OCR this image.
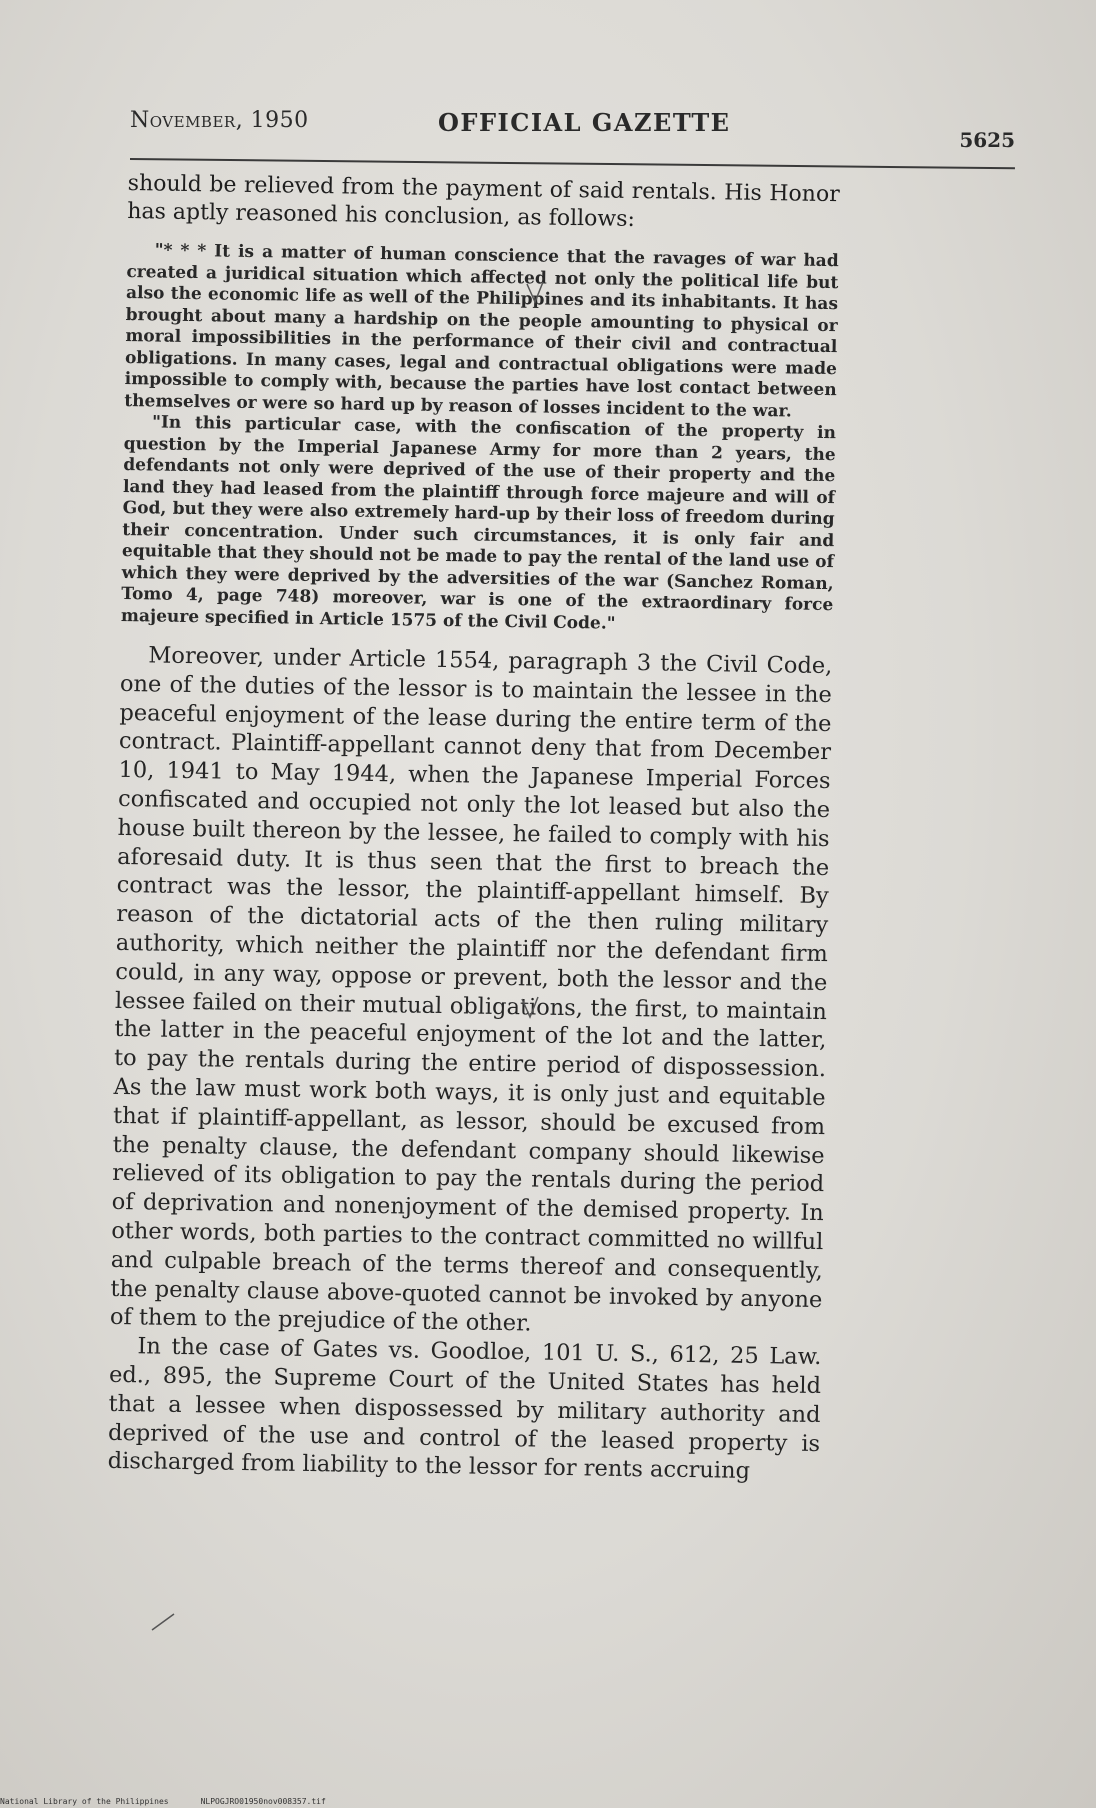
November, 1950	OFFICIAL GAZETTE
5625

should be relieved from the payment of said rentals. His Honor has aptly reasoned his conclusion, as follows:

"* * * It is a matter of human conscience that the ravages of war had created a juridical situation which affected not only the political life but also the economic life as well of the Philippines and its inhabitants. It has brought about many a hardship on the people amounting to physical or moral impossibilities in the performance of their civil and contractual obligations. In many cases, legal and contractual obligations were made impossible to comply with, because the parties have lost contact between themselves or were so hard up by reason of losses incident to the war.

"In this particular case, with the confiscation of the property in question by the Imperial Japanese Army for more than 2 years, the defendants not only were deprived of the use of their property and the land they had leased from the plaintiff through force majeure and will of God, but they were also extremely hard-up by their loss of freedom during their concentration. Under such circumstances, it is only fair and equitable that they should not be made to pay the rental of the land use of which they were deprived by the adversities of the war (Sanchez Roman, Tomo 4, page 748) moreover, war is one of the extraordinary force majeure specified in Article 1575 of the Civil Code."

Moreover, under Article 1554, paragraph 3 the Civil Code, one of the duties of the lessor is to maintain the lessee in the peaceful enjoyment of the lease during the entire term of the contract. Plaintiff-appellant cannot deny that from December 10, 1941 to May 1944, when the Japanese Imperial Forces confiscated and occupied not only the lot leased but also the house built thereon by the lessee, he failed to comply with his aforesaid duty. It is thus seen that the first to breach the contract was the lessor, the plaintiff-appellant himself. By reason of the dictatorial acts of the then ruling military authority, which neither the plaintiff nor the defendant firm could, in any way, oppose or prevent, both the lessor and the lessee failed on their mutual obligations, the first, to maintain the latter in the peaceful enjoyment of the lot and the latter, to pay the rentals during the entire period of dispossession. As the law must work both ways, it is only just and equitable that if plaintiff-appellant, as lessor, should be excused from the penalty clause, the defendant company should likewise relieved of its obligation to pay the rentals during the period of deprivation and nonenjoyment of the demised property. In other words, both parties to the contract committed no willful and culpable breach of the terms thereof and consequently, the penalty clause above-quoted cannot be invoked by anyone of them to the prejudice of the other.

In the case of Gates vs. Goodloe, 101 U. S., 612, 25 Law. ed., 895, the Supreme Court of the United States has held that a lessee when dispossessed by military authority and deprived of the use and control of the leased property is discharged from liability to the lessor for rents accruing

National Library of the Philippines	NLPOGJRO01950nov008357.tif
